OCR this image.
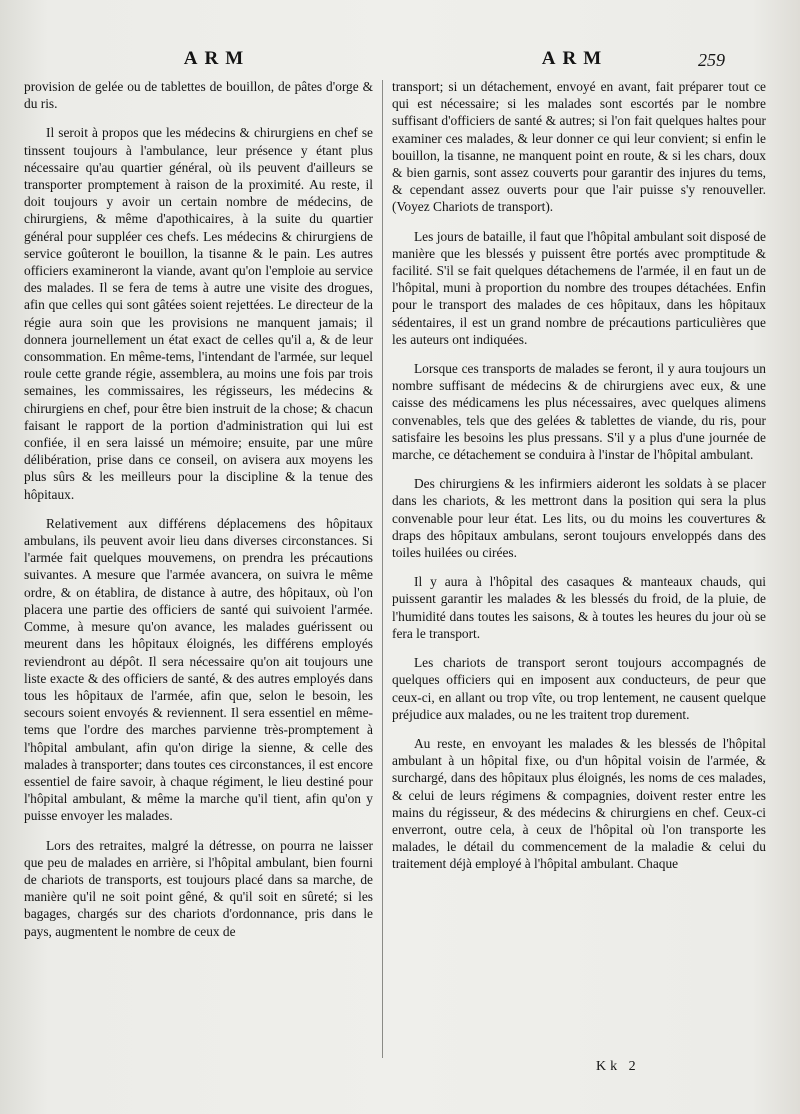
ARM	ARM	259

provision de gelée ou de tablettes de bouillon, de pâtes d'orge & du ris.

Il seroit à propos que les médecins & chirurgiens en chef se tinssent toujours à l'ambulance, leur présence y étant plus nécessaire qu'au quartier général, où ils peuvent d'ailleurs se transporter promptement à raison de la proximité. Au reste, il doit toujours y avoir un certain nombre de médecins, de chirurgiens, & même d'apothicaires, à la suite du quartier général pour suppléer ces chefs. Les médecins & chirurgiens de service goûteront le bouillon, la tisanne & le pain. Les autres officiers examineront la viande, avant qu'on l'emploie au service des malades. Il se fera de tems à autre une visite des drogues, afin que celles qui sont gâtées soient rejettées. Le directeur de la régie aura soin que les provisions ne manquent jamais; il donnera journellement un état exact de celles qu'il a, & de leur consommation. En même-tems, l'intendant de l'armée, sur lequel roule cette grande régie, assemblera, au moins une fois par trois semaines, les commissaires, les régisseurs, les médecins & chirurgiens en chef, pour être bien instruit de la chose; & chacun faisant le rapport de la portion d'administration qui lui est confiée, il en sera laissé un mémoire; ensuite, par une mûre délibération, prise dans ce conseil, on avisera aux moyens les plus sûrs & les meilleurs pour la discipline & la tenue des hôpitaux.

Relativement aux différens déplacemens des hôpitaux ambulans, ils peuvent avoir lieu dans diverses circonstances. Si l'armée fait quelques mouvemens, on prendra les précautions suivantes. A mesure que l'armée avancera, on suivra le même ordre, & on établira, de distance à autre, des hôpitaux, où l'on placera une partie des officiers de santé qui suivoient l'armée. Comme, à mesure qu'on avance, les malades guérissent ou meurent dans les hôpitaux éloignés, les différens employés reviendront au dépôt. Il sera nécessaire qu'on ait toujours une liste exacte & des officiers de santé, & des autres employés dans tous les hôpitaux de l'armée, afin que, selon le besoin, les secours soient envoyés & reviennent. Il sera essentiel en même-tems que l'ordre des marches parvienne très-promptement à l'hôpital ambulant, afin qu'on dirige la sienne, & celle des malades à transporter; dans toutes ces circonstances, il est encore essentiel de faire savoir, à chaque régiment, le lieu destiné pour l'hôpital ambulant, & même la marche qu'il tient, afin qu'on y puisse envoyer les malades.

Lors des retraites, malgré la détresse, on pourra ne laisser que peu de malades en arrière, si l'hôpital ambulant, bien fourni de chariots de transports, est toujours placé dans sa marche, de manière qu'il ne soit point gêné, & qu'il soit en sûreté; si les bagages, chargés sur des chariots d'ordonnance, pris dans le pays, augmentent le nombre de ceux de

transport; si un détachement, envoyé en avant, fait préparer tout ce qui est nécessaire; si les malades sont escortés par le nombre suffisant d'officiers de santé & autres; si l'on fait quelques haltes pour examiner ces malades, & leur donner ce qui leur convient; si enfin le bouillon, la tisanne, ne manquent point en route, & si les chars, doux & bien garnis, sont assez couverts pour garantir des injures du tems, & cependant assez ouverts pour que l'air puisse s'y renouveller. (Voyez Chariots de transport).

Les jours de bataille, il faut que l'hôpital ambulant soit disposé de manière que les blessés y puissent être portés avec promptitude & facilité. S'il se fait quelques détachemens de l'armée, il en faut un de l'hôpital, muni à proportion du nombre des troupes détachées. Enfin pour le transport des malades de ces hôpitaux, dans les hôpitaux sédentaires, il est un grand nombre de précautions particulières que les auteurs ont indiquées.

Lorsque ces transports de malades se feront, il y aura toujours un nombre suffisant de médecins & de chirurgiens avec eux, & une caisse des médicamens les plus nécessaires, avec quelques alimens convenables, tels que des gelées & tablettes de viande, du ris, pour satisfaire les besoins les plus pressans. S'il y a plus d'une journée de marche, ce détachement se conduira à l'instar de l'hôpital ambulant.

Des chirurgiens & les infirmiers aideront les soldats à se placer dans les chariots, & les mettront dans la position qui sera la plus convenable pour leur état. Les lits, ou du moins les couvertures & draps des hôpitaux ambulans, seront toujours enveloppés dans des toiles huilées ou cirées.

Il y aura à l'hôpital des casaques & manteaux chauds, qui puissent garantir les malades & les blessés du froid, de la pluie, de l'humidité dans toutes les saisons, & à toutes les heures du jour où se fera le transport.

Les chariots de transport seront toujours accompagnés de quelques officiers qui en imposent aux conducteurs, de peur que ceux-ci, en allant ou trop vîte, ou trop lentement, ne causent quelque préjudice aux malades, ou ne les traitent trop durement.

Au reste, en envoyant les malades & les blessés de l'hôpital ambulant à un hôpital fixe, ou d'un hôpital voisin de l'armée, & surchargé, dans des hôpitaux plus éloignés, les noms de ces malades, & celui de leurs régimens & compagnies, doivent rester entre les mains du régisseur, & des médecins & chirurgiens en chef. Ceux-ci enverront, outre cela, à ceux de l'hôpital où l'on transporte les malades, le détail du commencement de la maladie & celui du traitement déjà employé à l'hôpital ambulant. Chaque

Kk 2
